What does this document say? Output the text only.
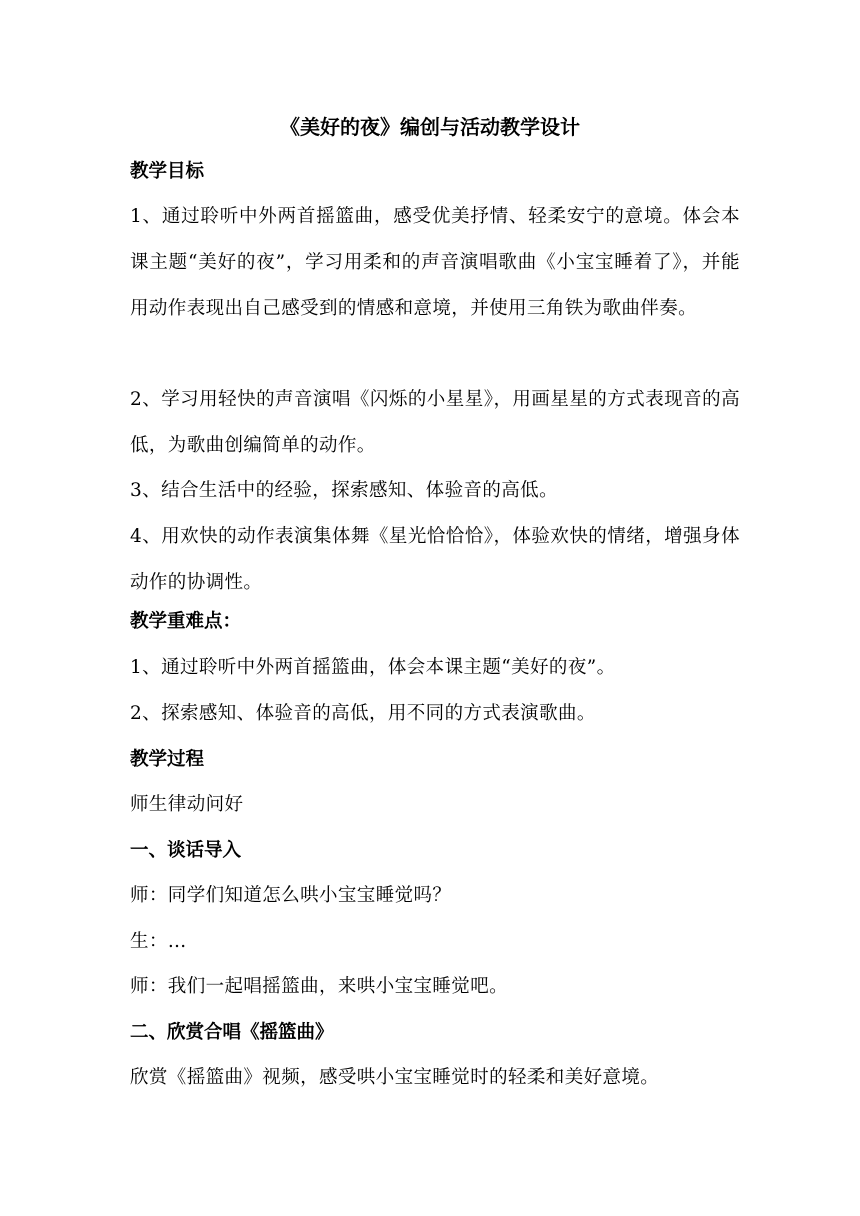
《美好的夜》编创与活动教学设计
教学目标
1、通过聆听中外两首摇篮曲，感受优美抒情、轻柔安宁的意境。体会本课主题“美好的夜”，学习用柔和的声音演唱歌曲《小宝宝睡着了》，并能用动作表现出自己感受到的情感和意境，并使用三角铁为歌曲伴奏。
2、学习用轻快的声音演唱《闪烁的小星星》，用画星星的方式表现音的高低，为歌曲创编简单的动作。
3、结合生活中的经验，探索感知、体验音的高低。
4、用欢快的动作表演集体舞《星光恰恰恰》，体验欢快的情绪，增强身体动作的协调性。
教学重难点：
1、通过聆听中外两首摇篮曲，体会本课主题“美好的夜”。
2、探索感知、体验音的高低，用不同的方式表演歌曲。
教学过程
师生律动问好
一、谈话导入
师：同学们知道怎么哄小宝宝睡觉吗？
生：…
师：我们一起唱摇篮曲，来哄小宝宝睡觉吧。
二、欣赏合唱《摇篮曲》
欣赏《摇篮曲》视频，感受哄小宝宝睡觉时的轻柔和美好意境。
